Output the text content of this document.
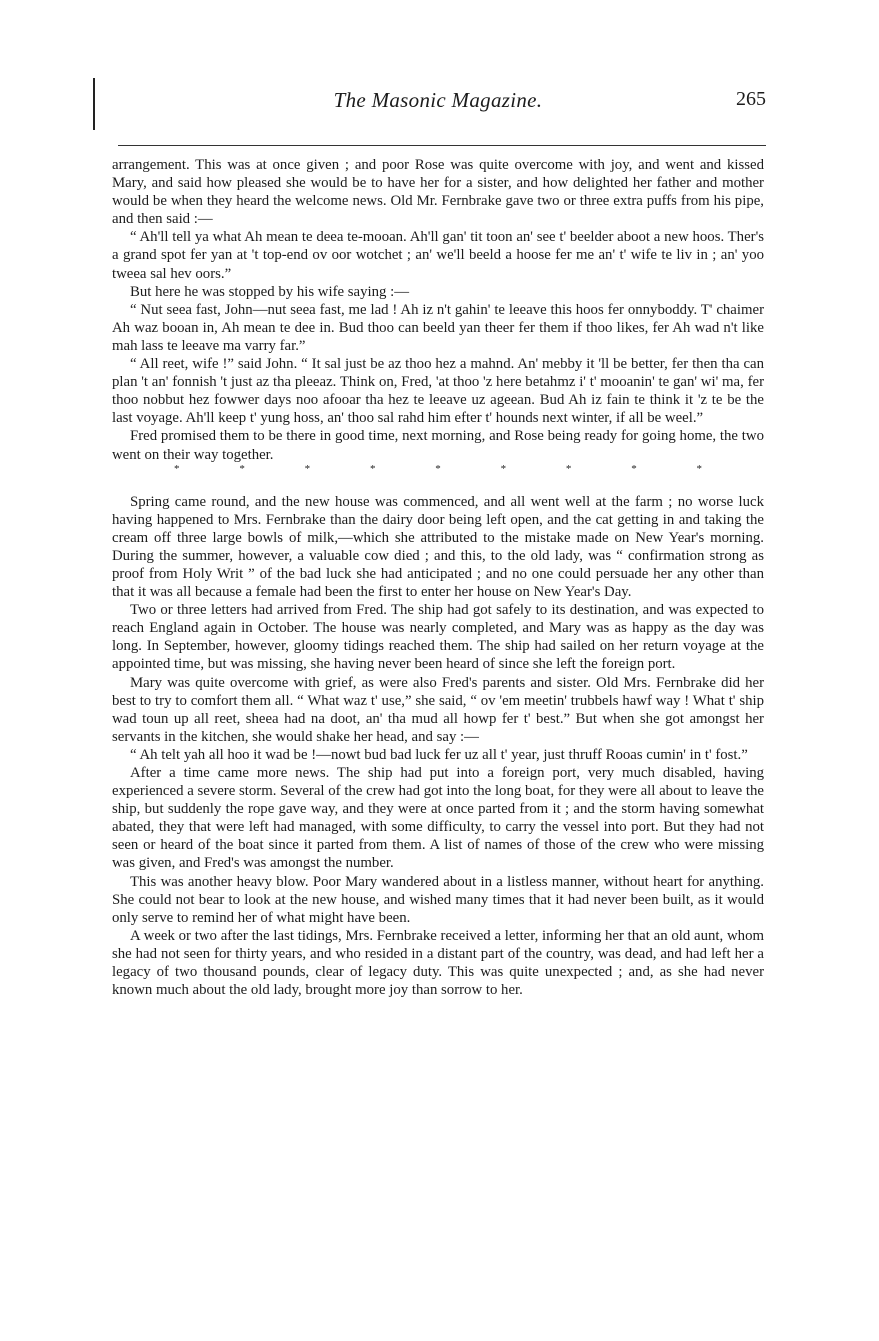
The Masonic Magazine.	265

arrangement. This was at once given ; and poor Rose was quite overcome with joy, and went and kissed Mary, and said how pleased she would be to have her for a sister, and how delighted her father and mother would be when they heard the welcome news. Old Mr. Fernbrake gave two or three extra puffs from his pipe, and then said :—

“ Ah'll tell ya what Ah mean te deea te-mooan. Ah'll gan' tit toon an' see t' beelder aboot a new hoos. Ther's a grand spot fer yan at 't top-end ov oor wotchet ; an' we'll beeld a hoose fer me an' t' wife te liv in ; an' yoo tweea sal hev oors.”

But here he was stopped by his wife saying :—

“ Nut seea fast, John—nut seea fast, me lad ! Ah iz n't gahin' te leeave this hoos fer onnyboddy. T' chaimer Ah waz booan in, Ah mean te dee in. Bud thoo can beeld yan theer fer them if thoo likes, fer Ah wad n't like mah lass te leeave ma varry far.”

“ All reet, wife !” said John. “ It sal just be az thoo hez a mahnd. An' mebby it 'll be better, fer then tha can plan 't an' fonnish 't just az tha pleeaz. Think on, Fred, 'at thoo 'z here betahmz i' t' mooanin' te gan' wi' ma, fer thoo nobbut hez fowwer days noo afooar tha hez te leeave uz ageean. Bud Ah iz fain te think it 'z te be the last voyage. Ah'll keep t' yung hoss, an' thoo sal rahd him efter t' hounds next winter, if all be weel.”

Fred promised them to be there in good time, next morning, and Rose being ready for going home, the two went on their way together.

*	*	*	*	*	*	*	*	*

Spring came round, and the new house was commenced, and all went well at the farm ; no worse luck having happened to Mrs. Fernbrake than the dairy door being left open, and the cat getting in and taking the cream off three large bowls of milk,—which she attributed to the mistake made on New Year's morning. During the summer, however, a valuable cow died ; and this, to the old lady, was “ confirmation strong as proof from Holy Writ ” of the bad luck she had anticipated ; and no one could persuade her any other than that it was all because a female had been the first to enter her house on New Year's Day.

Two or three letters had arrived from Fred. The ship had got safely to its destination, and was expected to reach England again in October. The house was nearly completed, and Mary was as happy as the day was long. In September, however, gloomy tidings reached them. The ship had sailed on her return voyage at the appointed time, but was missing, she having never been heard of since she left the foreign port.

Mary was quite overcome with grief, as were also Fred's parents and sister. Old Mrs. Fernbrake did her best to try to comfort them all. “ What waz t' use,” she said, “ ov 'em meetin' trubbels hawf way ! What t' ship wad toun up all reet, sheea had na doot, an' tha mud all howp fer t' best.” But when she got amongst her servants in the kitchen, she would shake her head, and say :—

“ Ah telt yah all hoo it wad be !—nowt bud bad luck fer uz all t' year, just thruff Rooas cumin' in t' fost.”

After a time came more news. The ship had put into a foreign port, very much disabled, having experienced a severe storm. Several of the crew had got into the long boat, for they were all about to leave the ship, but suddenly the rope gave way, and they were at once parted from it ; and the storm having somewhat abated, they that were left had managed, with some difficulty, to carry the vessel into port. But they had not seen or heard of the boat since it parted from them. A list of names of those of the crew who were missing was given, and Fred's was amongst the number.

This was another heavy blow. Poor Mary wandered about in a listless manner, without heart for anything. She could not bear to look at the new house, and wished many times that it had never been built, as it would only serve to remind her of what might have been.

A week or two after the last tidings, Mrs. Fernbrake received a letter, informing her that an old aunt, whom she had not seen for thirty years, and who resided in a distant part of the country, was dead, and had left her a legacy of two thousand pounds, clear of legacy duty. This was quite unexpected ; and, as she had never known much about the old lady, brought more joy than sorrow to her.
